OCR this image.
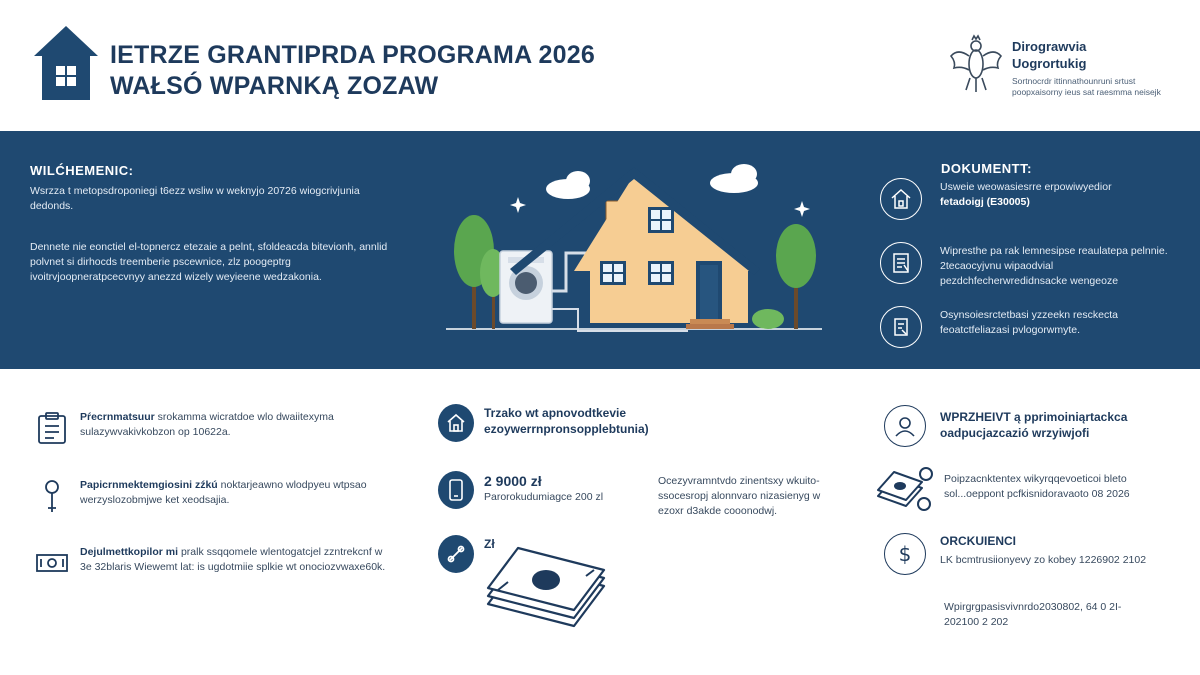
IETRZE GRANTIPRDA PROGRAMA 2026
WAŁSÓ WPARNKĄ ZOZAW
Dirograwvia
Uogrortukig
Sortnocrdr ittinnathounruni srtust
poopxaisorny ieus sat raesmma neisejk
WILĆHEMENIC:
Wsrzza t metopsdroponiegi t6ezz wsliw w weknyjo 20726 wiogcrivjunia dedonds.
Dennete nie eonctiel el-topnercz etezaie a pelnt, sfoldeacda bitevionh, annlid polvnet si dirhocds treemberie pscewnice, zlz poogeptrg ivoitrvjoopneratpcecvnyy anezzd wizely weyieene wedzakonia.
DOKUMENTT:
Usweie weowasiesrre erpowiwyedior
fetadoigj (E30005)
Wipresthe pa rak lemnesipse reaulatepa pelnnie. 2tecaocyjvnu wipaodvial pezdchfecherwredidnsacke wengeoze
Osynsoiesrctetbasi yzzeekn resckecta feoatctfeliazasi pvlogorwmyte.
Pŕecrnmatsuur srokamma wicratdoe wlo dwaiitexyma sulazywvakivkobzon op 10622a.
Papicrnmektemgiosini zźkú noktarjeawno wlodpyeu wtpsao werzyslozobmjwe ket xeodsajia.
Dejulmettkopilor mi pralk ssqqomele wlentogatcjel zzntrekcnf w 3e 32blaris Wiewemt lat: is ugdotmiie splkie wt onociozvwaxe60k.
Trzako wt apnovodtkevie
ezoywerrnpronsopplebtunia)
2 9000 zł
Parorokudumiagce 200 zl
Ocezyvramntvdo zinentsxy wkuito-ssocesropj alonnvaro nizasienyg w ezoxr d3akde cooonodwj.
Zł
WPRZHEIVT ą pprimoiniąrtackca
oadpucjazcazió wrzyiwjofi
Poipzacnktentex wikyrqqevoeticoi bleto sol...oeppont pcfkisnidoravaoto 08 2026
$
ORCKUIENCI
LK bcmtrusiionyevy zo kobey 1226902 2102
Wpirgrgpasisvivnrdo2030802, 64 0 2I-
202100 2 202
